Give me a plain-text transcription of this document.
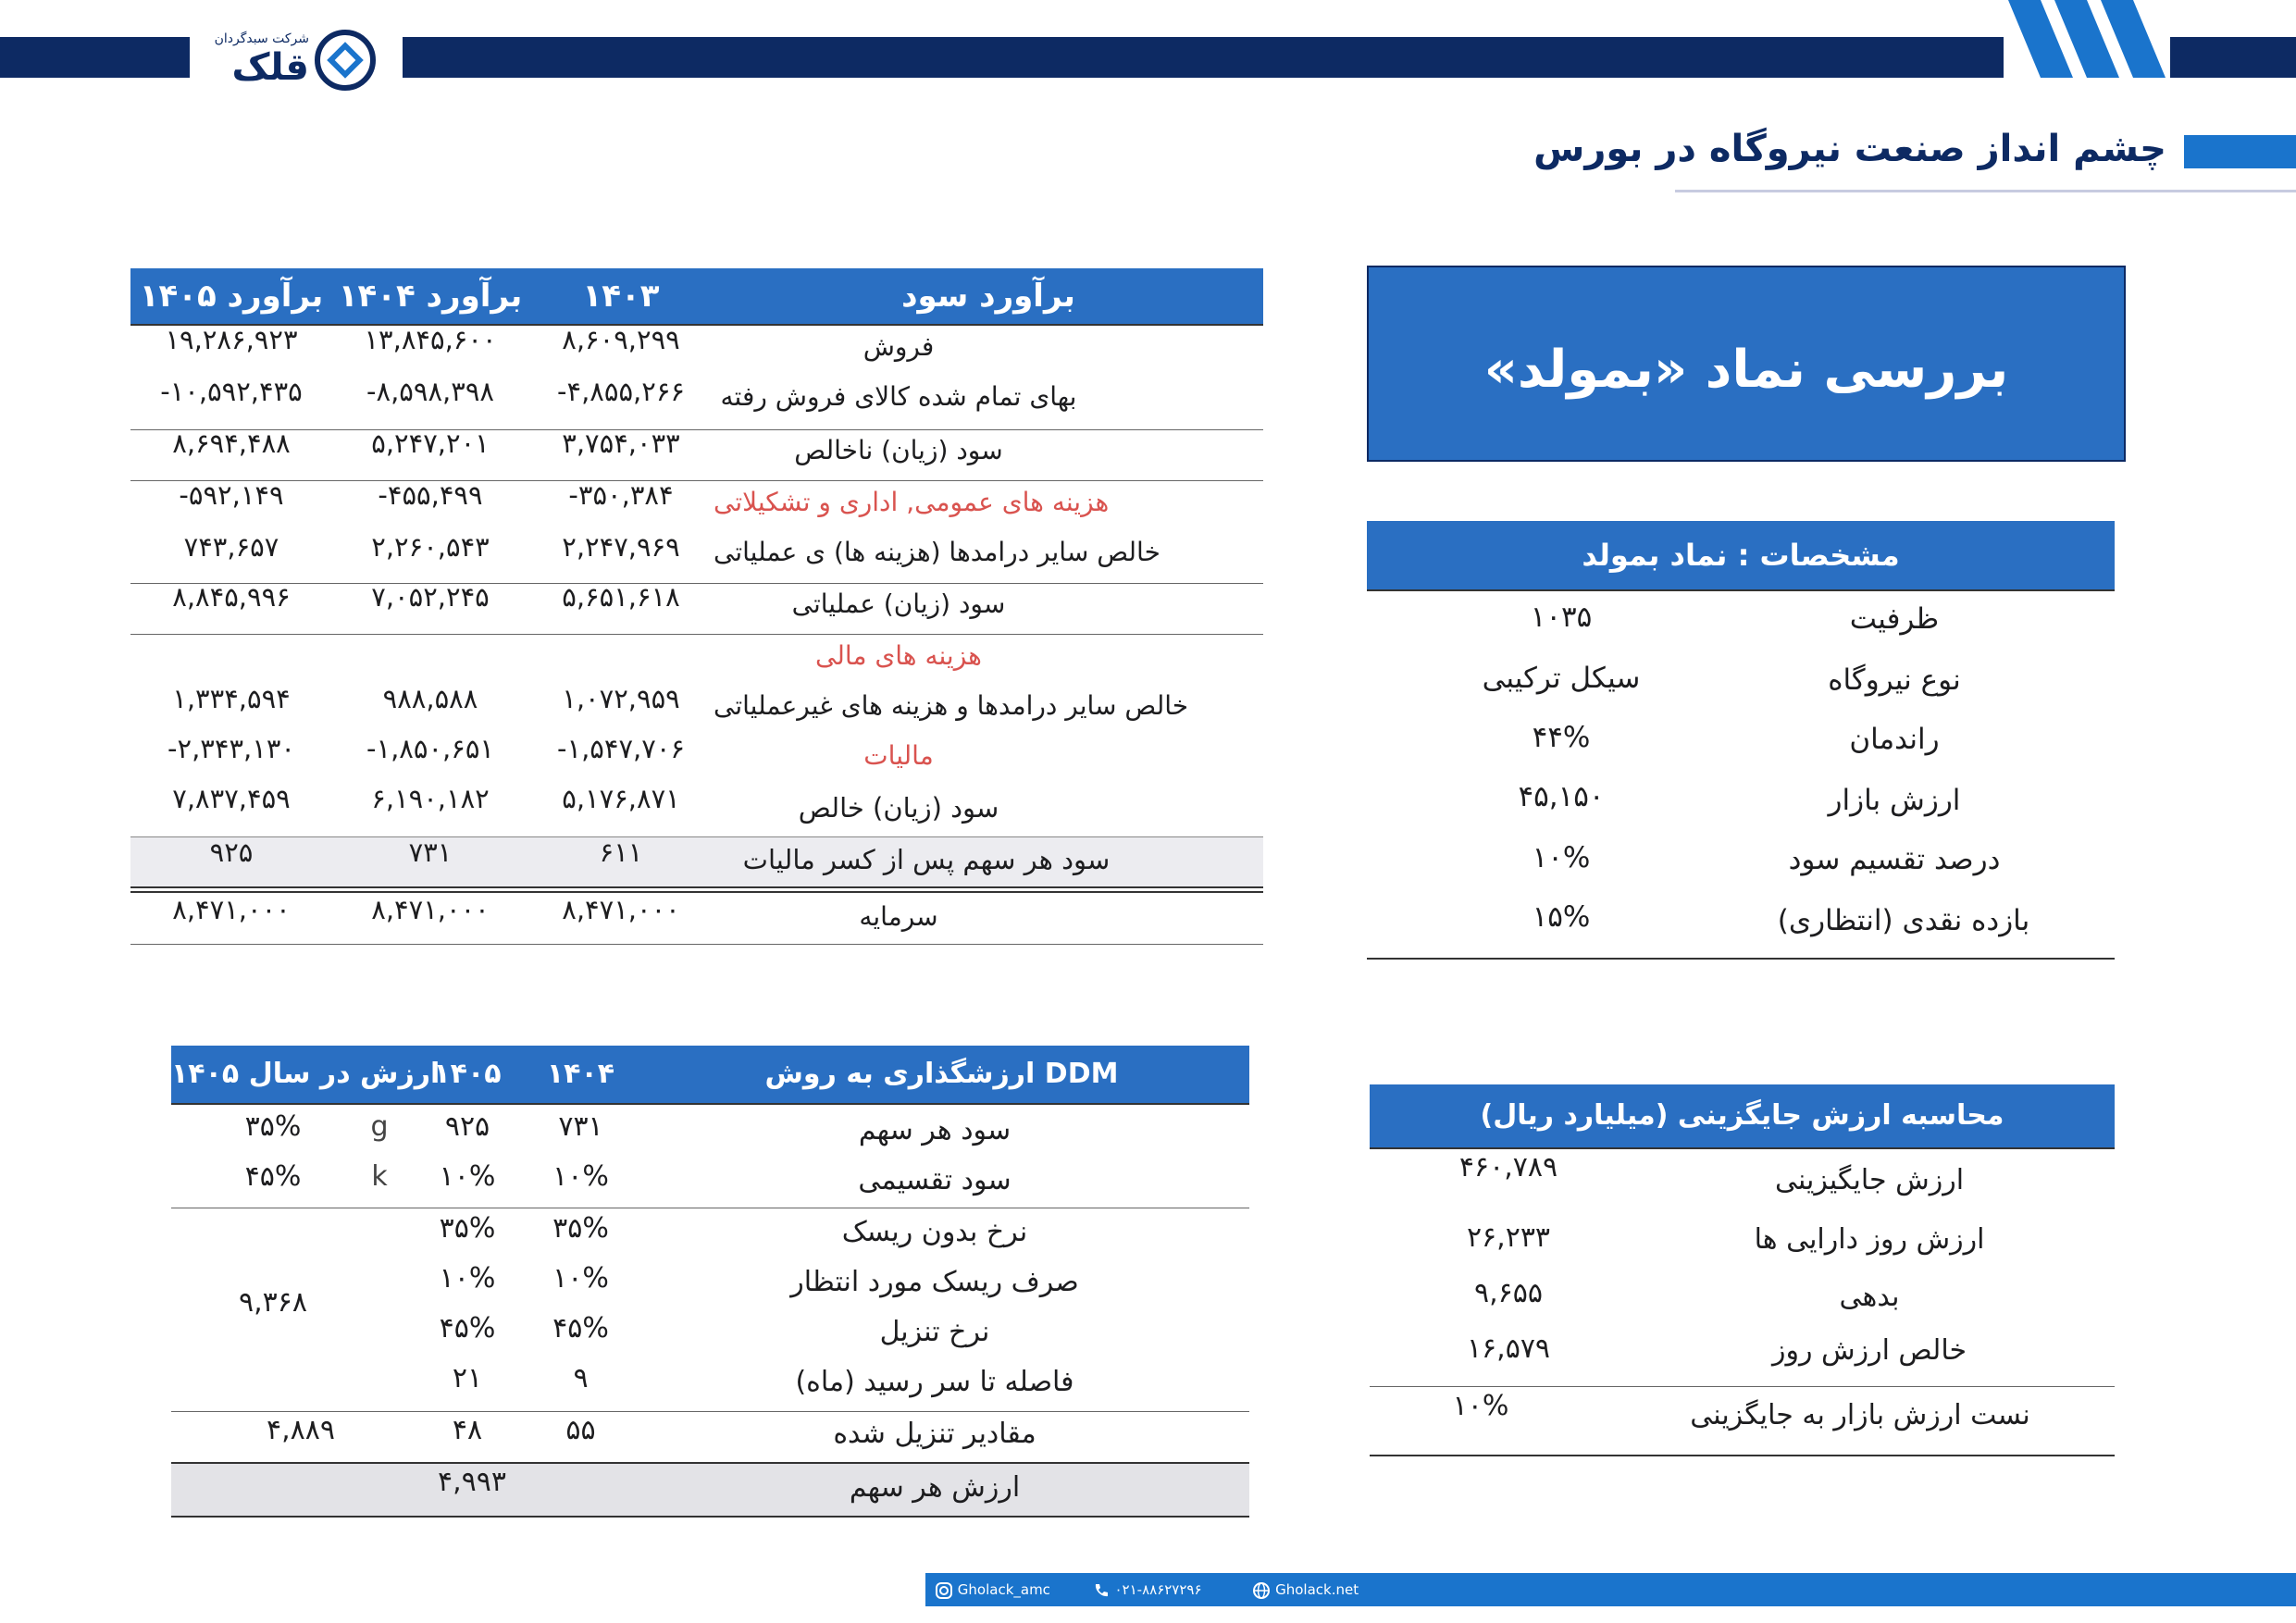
شرکت سبدگردان
قلک
چشم انداز صنعت نیروگاه در بورس
بررسی نماد «بمولد»
برآورد سود
۱۴۰۳
برآورد ۱۴۰۴
برآورد ۱۴۰۵
فروش
۸,۶۰۹,۲۹۹
۱۳,۸۴۵,۶۰۰
۱۹,۲۸۶,۹۲۳
بهای تمام شده کالای فروش رفته
-۴,۸۵۵,۲۶۶
-۸,۵۹۸,۳۹۸
-۱۰,۵۹۲,۴۳۵
سود (زیان) ناخالص
۳,۷۵۴,۰۳۳
۵,۲۴۷,۲۰۱
۸,۶۹۴,۴۸۸
هزینه های عمومی, اداری و تشکیلاتی
-۳۵۰,۳۸۴
-۴۵۵,۴۹۹
-۵۹۲,۱۴۹
خالص سایر درامدها (هزینه ها) ی عملیاتی
۲,۲۴۷,۹۶۹
۲,۲۶۰,۵۴۳
۷۴۳,۶۵۷
سود (زیان) عملیاتی
۵,۶۵۱,۶۱۸
۷,۰۵۲,۲۴۵
۸,۸۴۵,۹۹۶
هزینه های مالی
خالص سایر درامدها و هزینه های غیرعملیاتی
۱,۰۷۲,۹۵۹
۹۸۸,۵۸۸
۱,۳۳۴,۵۹۴
مالیات
-۱,۵۴۷,۷۰۶
-۱,۸۵۰,۶۵۱
-۲,۳۴۳,۱۳۰
سود (زیان) خالص
۵,۱۷۶,۸۷۱
۶,۱۹۰,۱۸۲
۷,۸۳۷,۴۵۹
سود هر سهم پس از کسر مالیات
۶۱۱
۷۳۱
۹۲۵
سرمایه
۸,۴۷۱,۰۰۰
۸,۴۷۱,۰۰۰
۸,۴۷۱,۰۰۰
مشخصات : نماد بمولد
ظرفیت
۱۰۳۵
نوع نیروگاه
سیکل ترکیبی
راندمان
۴۴%
ارزش بازار
۴۵,۱۵۰
درصد تقسیم سود
۱۰%
بازده نقدی (انتظاری)
۱۵%
ارزشگذاری به روش DDM
۱۴۰۴
۱۴۰۵
ارزش در سال ۱۴۰۵
سود هر سهم
۷۳۱
۹۲۵
g
۳۵%
سود تقسیمی
۱۰%
۱۰%
k
۴۵%
نرخ بدون ریسک
۳۵%
۳۵%
صرف ریسک مورد انتظار
۱۰%
۱۰%
نرخ تنزیل
۴۵%
۴۵%
فاصله تا سر رسید (ماه)
۹
۲۱
۹,۳۶۸
مقادیر تنزیل شده
۵۵
۴۸
۴,۸۸۹
ارزش هر سهم
۴,۹۹۳
محاسبه ارزش جایگزینی (میلیارد ریال)
ارزش جایگیزینی
۴۶۰,۷۸۹
ارزش روز دارایی ها
۲۶,۲۳۳
بدهی
۹,۶۵۵
خالص ارزش روز
۱۶,۵۷۹
نست ارزش بازار به جایگزینی
۱۰%
Gholack_amc	۰۲۱-۸۸۶۲۷۲۹۶	Gholack.net
